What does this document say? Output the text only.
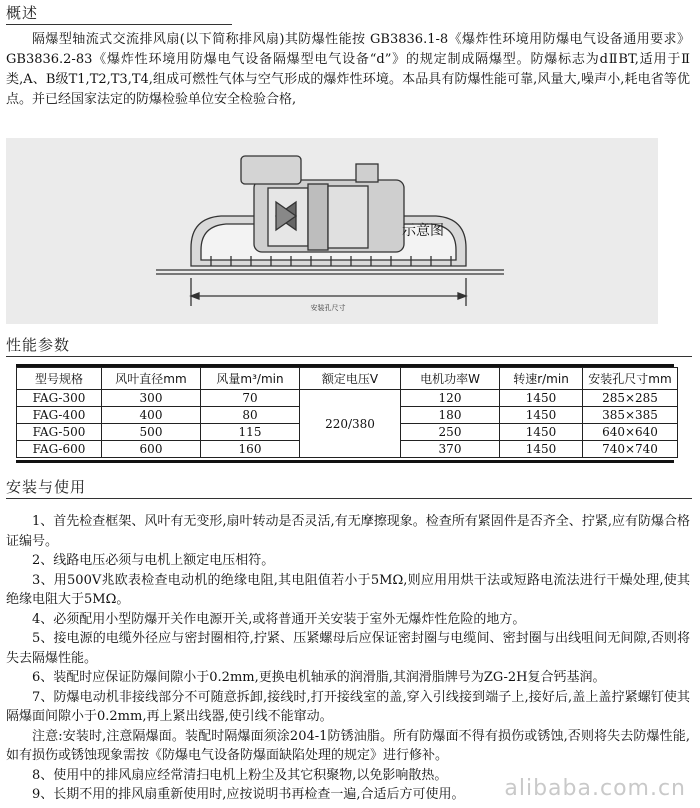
概述
隔爆型轴流式交流排风扇(以下简称排风扇)其防爆性能按 GB3836.1-8《爆炸性环境用防爆电气设备通用要求》GB3836.2-83《爆炸性环境用防爆电气设备隔爆型电气设备“d”》的规定制成隔爆型。防爆标志为dⅡBT,适用于Ⅱ类,A、B级T1,T2,T3,T4,组成可燃性气体与空气形成的爆炸性环境。本品具有防爆性能可靠,风量大,噪声小,耗电省等优点。并已经国家法定的防爆检验单位安全检验合格,
安装孔尺寸
示意图
性能参数
型号规格	风叶直径mm	风量m³/min	额定电压V	电机功率W	转速r/min	安装孔尺寸mm
FAG-300	300	70	220/380	120	1450	285×285
FAG-400	400	80		180	1450	385×385
FAG-500	500	115		250	1450	640×640
FAG-600	600	160		370	1450	740×740
安装与使用

1、首先检查框架、风叶有无变形,扇叶转动是否灵活,有无摩擦现象。检查所有紧固件是否齐全、拧紧,应有防爆合格证编号。

2、线路电压必须与电机上额定电压相符。

3、用500V兆欧表检查电动机的绝缘电阻,其电阻值若小于5MΩ,则应用用烘干法或短路电流法进行干燥处理,使其绝缘电阻大于5MΩ。

4、必须配用小型防爆开关作电源开关,或将普通开关安装于室外无爆炸性危险的地方。

5、接电源的电缆外径应与密封圈相符,拧紧、压紧螺母后应保证密封圈与电缆间、密封圈与出线咀间无间隙,否则将失去隔爆性能。

6、装配时应保证防爆间隙小于0.2mm,更换电机轴承的润滑脂,其润滑脂牌号为ZG-2H复合钙基润。

7、防爆电动机非接线部分不可随意拆卸,接线时,打开接线室的盖,穿入引线接到端子上,接好后,盖上盖拧紧螺钉使其隔爆面间隙小于0.2mm,再上紧出线器,使引线不能窜动。

注意:安装时,注意隔爆面。装配时隔爆面须涂204-1防锈油脂。所有防爆面不得有损伤或锈蚀,否则将失去防爆性能,如有损伤或锈蚀现象需按《防爆电气设备防爆面缺陷处理的规定》进行修补。

8、使用中的排风扇应经常清扫电机上粉尘及其它积聚物,以免影响散热。

9、长期不用的排风扇重新使用时,应按说明书再检查一遍,合适后方可使用。	alibaba.com.cn
